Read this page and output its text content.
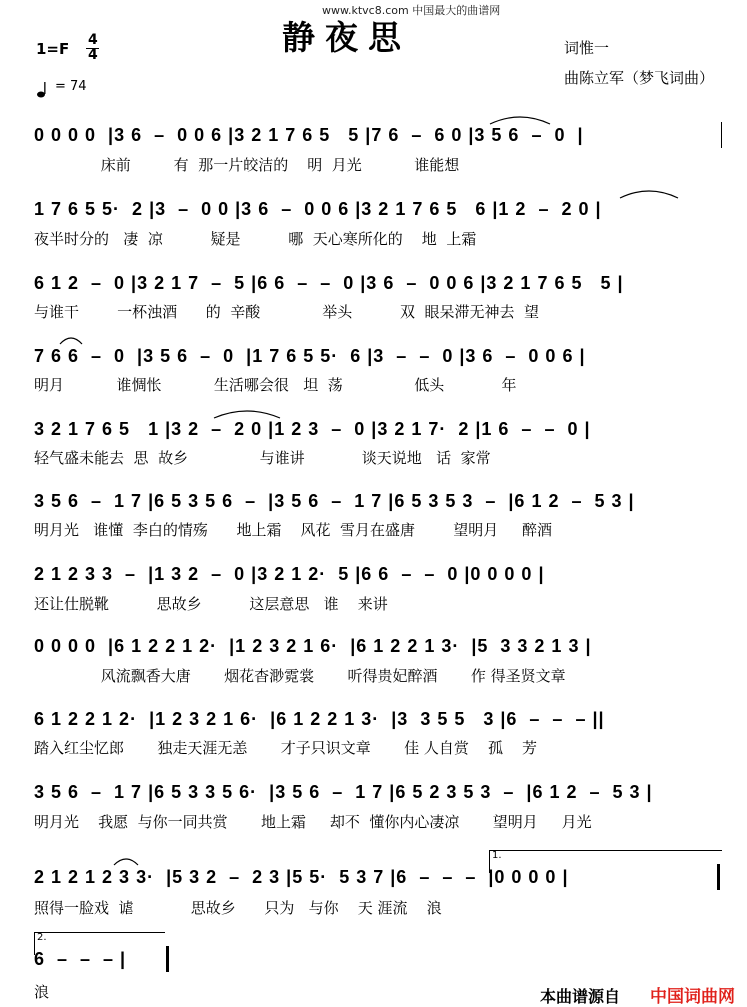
www.ktvc8.com 中国最大的曲谱网
静夜思
1=F 4
4
= 74
词惟一
曲陈立军（梦飞词曲）
0 0 0 0  |3 6  –  0 0 6 |3 2 1 7 6 5   5 |7 6  –  6 0 |3 5 6  –  0  |
床前         有  那一片皎洁的    明  月光           谁能想
1 7 6 5 5·  2 |3  –  0 0 |3 6  –  0 0 6 |3 2 1 7 6 5   6 |1 2  –  2 0 |
夜半时分的   凄  凉          疑是          哪  天心寒所化的    地  上霜
6 1 2  –  0 |3 2 1 7  –  5 |6 6  –  –  0 |3 6  –  0 0 6 |3 2 1 7 6 5   5 |
与谁干        一杯浊酒      的  辛酸             举头          双  眼呆滞无神去  望
7 6 6  –  0  |3 5 6  –  0  |1 7 6 5 5·  6 |3  –  –  0 |3 6  –  0 0 6 |
明月           谁惆怅           生活哪会很   坦  荡               低头            年
3 2 1 7 6 5   1 |3 2  –  2 0 |1 2 3  –  0 |3 2 1 7·  2 |1 6  –  –  0 |
轻气盛未能去  思  故乡               与谁讲            谈天说地   话  家常
3 5 6  –  1 7 |6 5 3 5 6  –  |3 5 6  –  1 7 |6 5 3 5 3  –  |6 1 2  –  5 3 |
明月光   谁懂  李白的情殇      地上霜    风花  雪月在盛唐        望明月     醉酒
2 1 2 3 3  –  |1 3 2  –  0 |3 2 1 2·  5 |6 6  –  –  0 |0 0 0 0 |
还让仕脱靴          思故乡          这层意思   谁    来讲
0 0 0 0  |6 1 2 2 1 2·  |1 2 3 2 1 6·  |6 1 2 2 1 3·  |5  3 3 2 1 3 |
风流飘香大唐       烟花杳渺霓裳       听得贵妃醉酒       作 得圣贤文章
6 1 2 2 1 2·  |1 2 3 2 1 6·  |6 1 2 2 1 3·  |3  3 5 5   3 |6  –  –  – ||
踏入红尘忆郎       独走天涯无恙       才子只识文章       佳 人自赏    孤    芳
3 5 6  –  1 7 |6 5 3 3 5 6·  |3 5 6  –  1 7 |6 5 2 3 5 3  –  |6 1 2  –  5 3 |
明月光    我愿  与你一同共赏       地上霜     却不  懂你内心凄凉       望明月     月光
1.
2 1 2 1 2 3 3·  |5 3 2  –  2 3 |5 5·  5 3 7 |6  –  –  –  |0 0 0 0 |
照得一脸戏  谑            思故乡      只为   与你    天 涯流    浪
2.
6  –  –  – |
浪	本曲谱源自 中国词曲网
